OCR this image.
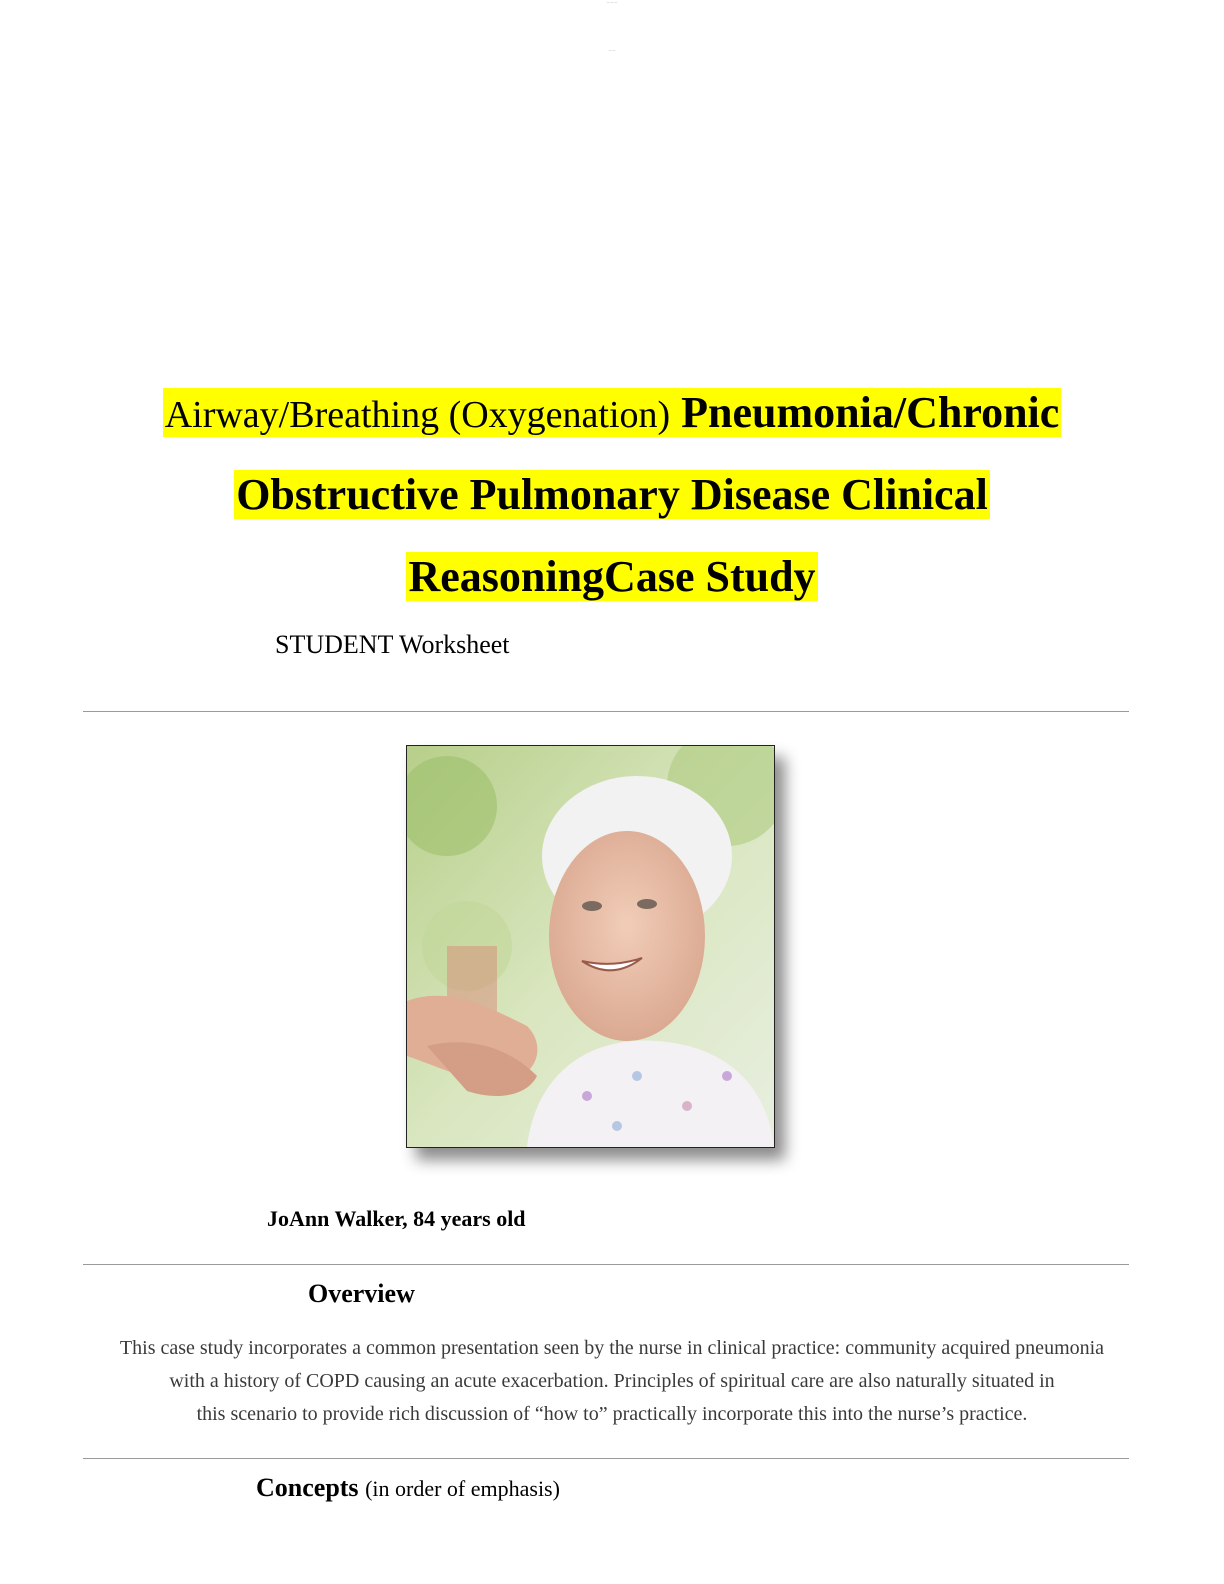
— — —
— —
Airway/Breathing (Oxygenation) Pneumonia/Chronic
Obstructive Pulmonary Disease Clinical
ReasoningCase Study
STUDENT Worksheet
JoAnn Walker, 84 years old
Overview
This case study incorporates a common presentation seen by the nurse in clinical practice: community acquired pneumonia
with a history of COPD causing an acute exacerbation. Principles of spiritual care are also naturally situated in
this scenario to provide rich discussion of “how to” practically incorporate this into the nurse’s practice.
Concepts (in order of emphasis)
